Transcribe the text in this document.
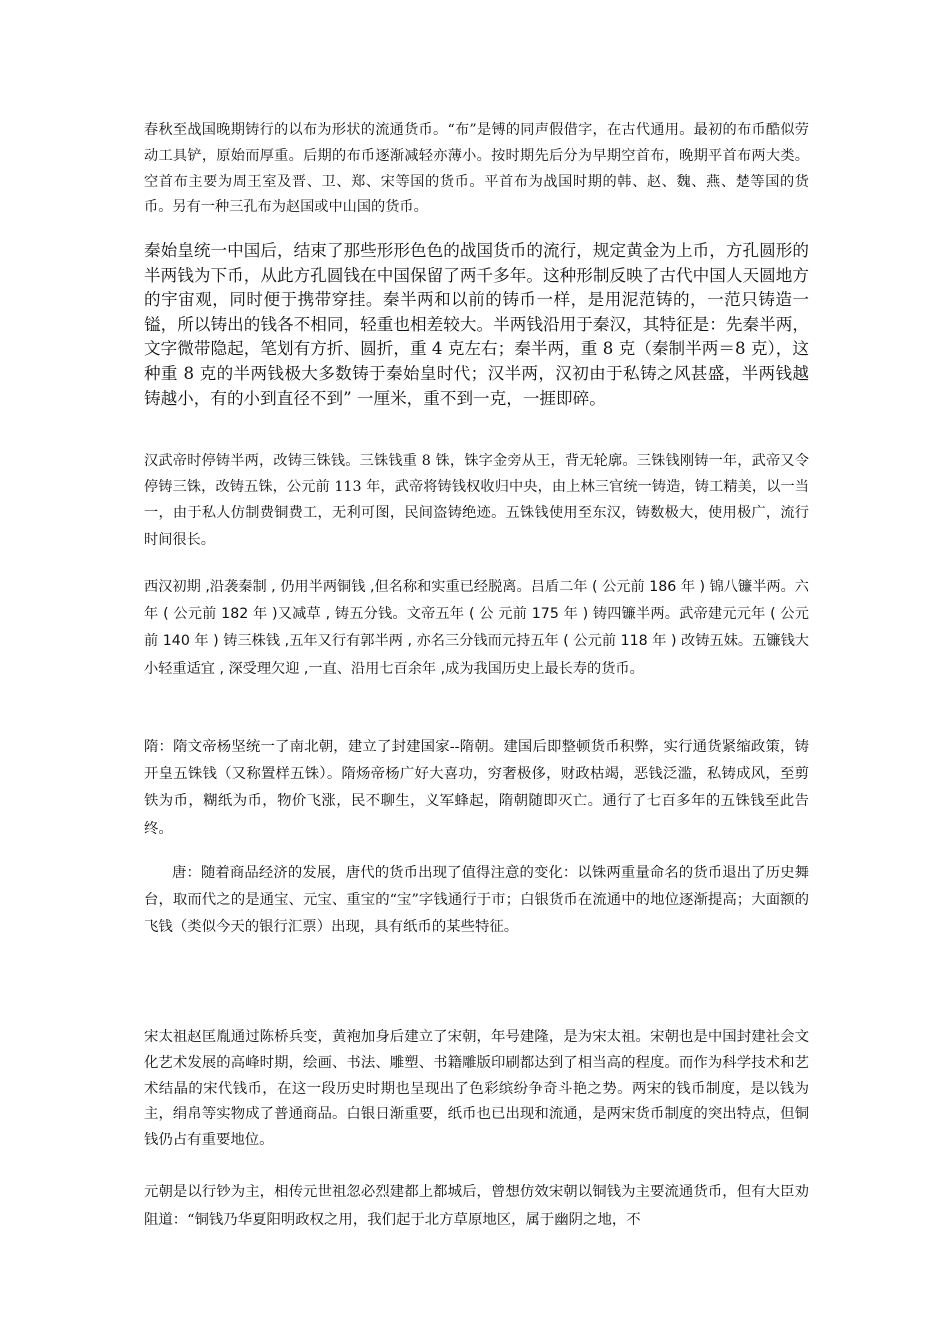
春秋至战国晚期铸行的以布为形状的流通货币。“布”是镈的同声假借字，在古代通用。最初的布币酷似劳动工具铲，原始而厚重。后期的布币逐渐减轻亦薄小。按时期先后分为早期空首布，晚期平首布两大类。空首布主要为周王室及晋、卫、郑、宋等国的货币。平首布为战国时期的韩、赵、魏、燕、楚等国的货币。另有一种三孔布为赵国或中山国的货币。

秦始皇统一中国后，结束了那些形形色色的战国货币的流行，规定黄金为上币，方孔圆形的半两钱为下币，从此方孔圆钱在中国保留了两千多年。这种形制反映了古代中国人天圆地方的宇宙观，同时便于携带穿挂。秦半两和以前的铸币一样，是用泥范铸的，一范只铸造一镒，所以铸出的钱各不相同，轻重也相差较大。半两钱沿用于秦汉，其特征是：先秦半两，文字微带隐起，笔划有方折、圆折，重 4 克左右；秦半两，重 8 克（秦制半两＝8 克），这种重 8 克的半两钱极大多数铸于秦始皇时代；汉半两，汉初由于私铸之风甚盛，半两钱越铸越小，有的小到直径不到” 一厘米，重不到一克，一捱即碎。

汉武帝时停铸半两，改铸三铢钱。三铢钱重 8 铢，铢字金旁从王，背无轮廓。三铢钱刚铸一年，武帝又令停铸三铢，改铸五铢，公元前 113 年，武帝将铸钱权收归中央，由上林三官统一铸造，铸工精美，以一当一，由于私人仿制费铜费工，无利可图，民间盗铸绝迹。五铢钱使用至东汉，铸数极大，使用极广，流行时间很长。

西汉初期 ,沿袭秦制 , 仍用半两铜钱 ,但名称和实重已经脱离。吕盾二年 ( 公元前 186 年 ) 锦八镰半两。六年 ( 公元前 182 年 )又减草 , 铸五分钱。文帝五年 ( 公 元前 175 年 ) 铸四镰半两。武帝建元元年 ( 公元前 140 年 ) 铸三株钱 ,五年又行有郭半两 , 亦名三分钱而元持五年 ( 公元前 118 年 ) 改铸五妹。五镰钱大小轻重适宜 , 深受理欠迎 ,一直、沿用七百余年 ,成为我国历史上最长寿的货币。

隋：隋文帝杨坚统一了南北朝，建立了封建国家--隋朝。建国后即整顿货币积弊，实行通货紧缩政策，铸开皇五铢钱（又称置样五铢）。隋炀帝杨广好大喜功，穷奢极侈，财政枯竭，恶钱泛滥，私铸成风，至剪铁为币，糊纸为币，物价飞涨，民不聊生，义军蜂起，隋朝随即灭亡。通行了七百多年的五铢钱至此告终。

唐：随着商品经济的发展，唐代的货币出现了值得注意的变化：以铢两重量命名的货币退出了历史舞台，取而代之的是通宝、元宝、重宝的“宝”字钱通行于市；白银货币在流通中的地位逐渐提高；大面额的飞钱（类似今天的银行汇票）出现，具有纸币的某些特征。

宋太祖赵匡胤通过陈桥兵变，黄袍加身后建立了宋朝，年号建隆，是为宋太祖。宋朝也是中国封建社会文化艺术发展的高峰时期，绘画、书法、雕塑、书籍雕版印刷都达到了相当高的程度。而作为科学技术和艺术结晶的宋代钱币，在这一段历史时期也呈现出了色彩缤纷争奇斗艳之势。两宋的钱币制度，是以钱为主，绢帛等实物成了普通商品。白银日渐重要，纸币也已出现和流通，是两宋货币制度的突出特点，但铜钱仍占有重要地位。

元朝是以行钞为主，相传元世祖忽必烈建都上都城后，曾想仿效宋朝以铜钱为主要流通货币，但有大臣劝阻道：“铜钱乃华夏阳明政权之用，我们起于北方草原地区，属于幽阴之地，不
